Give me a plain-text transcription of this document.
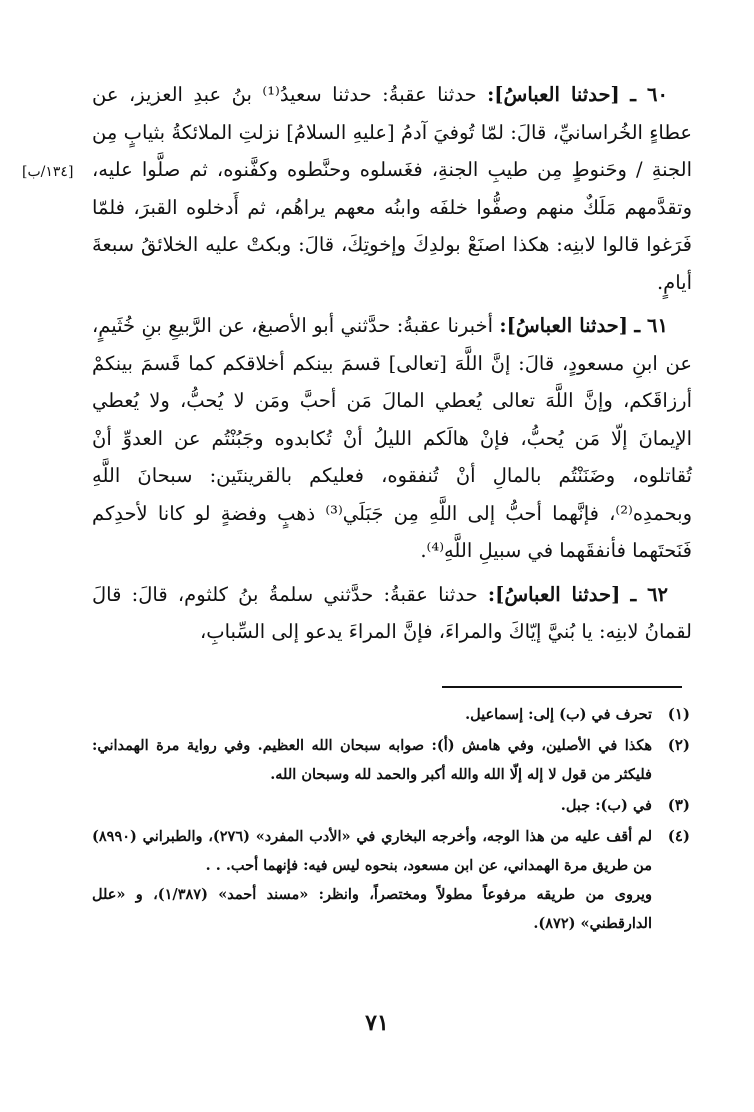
[١٣٤/ب]

٦٠ ـ [حدثنا العباسُ]: حدثنا عقبةُ: حدثنا سعيدُ⁽¹⁾ بنُ عبدِ العزيز، عن عطاءٍ الخُراسانيِّ، قالَ: لمّا تُوفيَ آدمُ [عليهِ السلامُ] نزلتِ الملائكةُ بثيابٍ مِن الجنةِ / وحَنوطٍ مِن طيبِ الجنةِ، فغَسلوه وحنَّطوه وكفَّنوه، ثم صلَّوا عليه، وتقدَّمهم مَلَكٌ منهم وصفُّوا خلفَه وابنُه معهم يراهُم، ثم أَدخلوه القبرَ، فلمّا فَرَغوا قالوا لابنِه: هكذا اصنَعْ بولدِكَ وإخوتِكَ، قالَ: وبكتْ عليه الخلائقُ سبعةَ أيامٍ.

٦١ ـ [حدثنا العباسُ]: أخبرنا عقبةُ: حدَّثني أبو الأصبغ، عن الرَّبيعِ بنِ خُثَيمٍ، عن ابنِ مسعودٍ، قالَ: إنَّ اللَّهَ [تعالى] قسمَ بينكم أخلاقكم كما قَسمَ بينكمْ أرزاقَكم، وإنَّ اللَّهَ تعالى يُعطي المالَ مَن أحبَّ ومَن لا يُحبُّ، ولا يُعطي الإيمانَ إلّا مَن يُحبُّ، فإنْ هالَكم الليلُ أنْ تُكابدوه وجَبُنْتُم عن العدوِّ أنْ تُقاتلوه، وضَنَنْتُم بالمالِ أنْ تُنفقوه، فعليكم بالقرينتَين: سبحانَ اللَّهِ وبحمدِه⁽²⁾، فإنَّهما أحبُّ إلى اللَّهِ مِن جَبَلَي⁽³⁾ ذهبٍ وفضةٍ لو كانا لأحدِكم فَنَحتَهما فأنفقَهما في سبيلِ اللَّهِ⁽⁴⁾.

٦٢ ـ [حدثنا العباسُ]: حدثنا عقبةُ: حدَّثني سلمةُ بنُ كلثوم، قالَ: قالَ لقمانُ لابنِه: يا بُنيَّ إيّاكَ والمراءَ، فإنَّ المراءَ يدعو إلى السِّبابِ،

(١)
تحرف في (ب) إلى: إسماعيل.
(٢)
هكذا في الأصلين، وفي هامش (أ): صوابه سبحان الله العظيم. وفي رواية مرة الهمداني: فليكثر من قول لا إله إلّا الله والله أكبر والحمد لله وسبحان الله.
(٣)
في (ب): جبل.
(٤)
لم أقف عليه من هذا الوجه، وأخرجه البخاري في «الأدب المفرد» (٢٧٦)، والطبراني (٨٩٩٠) من طريق مرة الهمداني، عن ابن مسعود، بنحوه ليس فيه: فإنهما أحب. . .
ويروى من طريقه مرفوعاً مطولاً ومختصراً، وانظر: «مسند أحمد» (١/٣٨٧)، و «علل الدارقطني» (٨٧٢).
٧١
